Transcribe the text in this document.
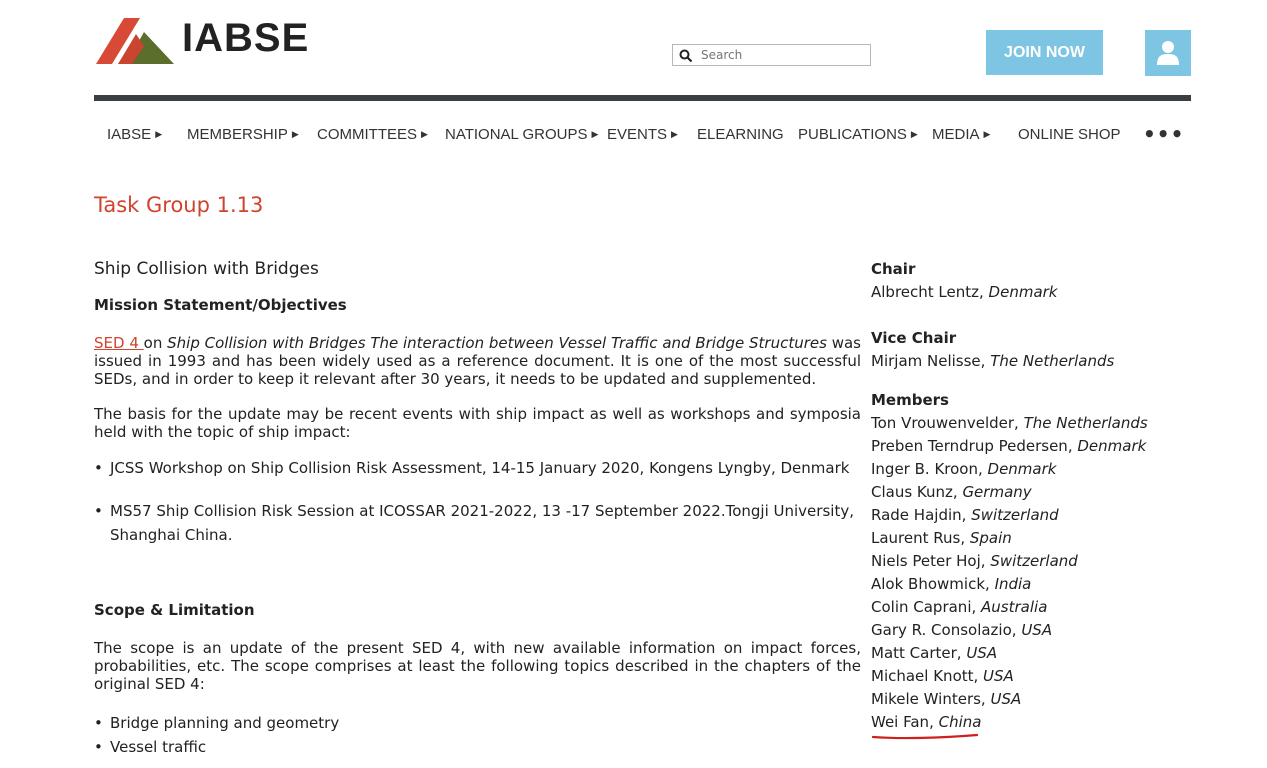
IABSE
Search	JOIN NOW
IABSE ▶ MEMBERSHIP ▶ COMMITTEES ▶ NATIONAL GROUPS ▶ EVENTS ▶ ELEARNING PUBLICATIONS ▶ MEDIA ▶ ONLINE SHOP •••
Task Group 1.13
Ship Collision with Bridges
Mission Statement/Objectives

SED 4 on Ship Collision with Bridges The interaction between Vessel Traffic and Bridge Structures was issued in 1993 and has been widely used as a reference document. It is one of the most successful SEDs, and in order to keep it relevant after 30 years, it needs to be updated and supplemented.

The basis for the update may be recent events with ship impact as well as workshops and symposia held with the topic of ship impact:

• JCSS Workshop on Ship Collision Risk Assessment, 14-15 January 2020, Kongens Lyngby, Denmark
• MS57 Ship Collision Risk Session at ICOSSAR 2021-2022, 13 -17 September 2022.Tongji University, Shanghai China.
Scope & Limitation

The scope is an update of the present SED 4, with new available information on impact forces, probabilities, etc. The scope comprises at least the following topics described in the chapters of the original SED 4:

• Bridge planning and geometry
• Vessel traffic
Chair
Albrecht Lentz, Denmark
Vice Chair
Mirjam Nelisse, The Netherlands
Members
Ton Vrouwenvelder, The Netherlands
Preben Terndrup Pedersen, Denmark
Inger B. Kroon, Denmark
Claus Kunz, Germany
Rade Hajdin, Switzerland
Laurent Rus, Spain
Niels Peter Hoj, Switzerland
Alok Bhowmick, India
Colin Caprani, Australia
Gary R. Consolazio, USA
Matt Carter, USA
Michael Knott, USA
Mikele Winters, USA
Wei Fan, China
